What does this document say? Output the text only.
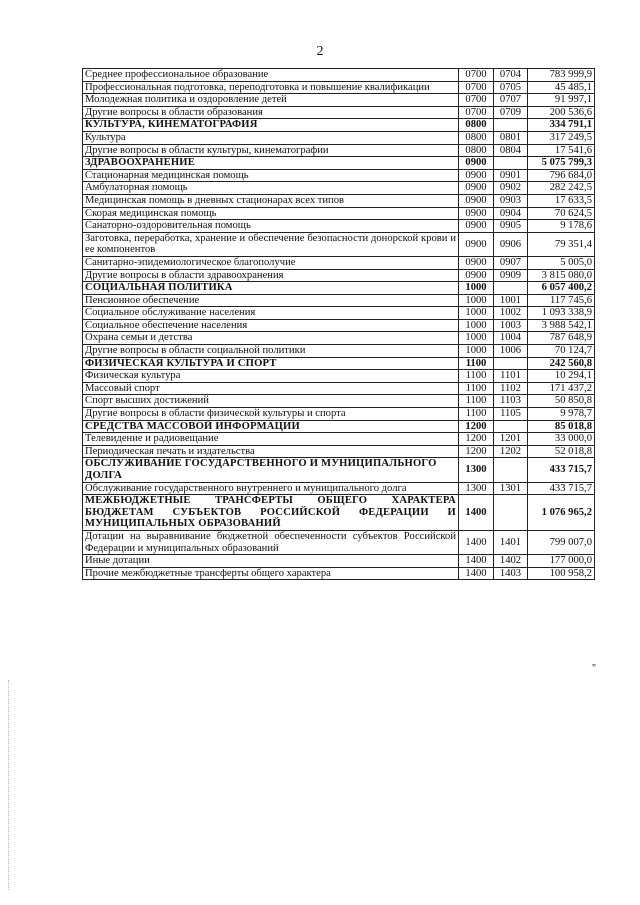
2
Среднее профессиональное образование	0700	0704	783 999,9
Профессиональная подготовка, переподготовка и повышение квалификации	0700	0705	45 485,1
Молодежная политика и оздоровление детей	0700	0707	91 997,1
Другие вопросы в области образования	0700	0709	200 536,6
КУЛЬТУРА, КИНЕМАТОГРАФИЯ	0800		334 791,1
Культура	0800	0801	317 249,5
Другие вопросы в области культуры, кинематографии	0800	0804	17 541,6
ЗДРАВООХРАНЕНИЕ	0900		5 075 799,3
Стационарная медицинская помощь	0900	0901	796 684,0
Амбулаторная помощь	0900	0902	282 242,5
Медицинская помощь в дневных стационарах всех типов	0900	0903	17 633,5
Скорая медицинская помощь	0900	0904	70 624,5
Санаторно-оздоровительная помощь	0900	0905	9 178,6
Заготовка, переработка, хранение и обеспечение безопасности донорской крови и ее компонентов	0900	0906	79 351,4
Санитарно-эпидемиологическое благополучие	0900	0907	5 005,0
Другие вопросы в области здравоохранения	0900	0909	3 815 080,0
СОЦИАЛЬНАЯ ПОЛИТИКА	1000		6 057 400,2
Пенсионное обеспечение	1000	1001	117 745,6
Социальное обслуживание населения	1000	1002	1 093 338,9
Социальное обеспечение населения	1000	1003	3 988 542,1
Охрана семьи и детства	1000	1004	787 648,9
Другие вопросы в области социальной политики	1000	1006	70 124,7
ФИЗИЧЕСКАЯ КУЛЬТУРА И СПОРТ	1100		242 560,8
Физическая культура	1100	1101	10 294,1
Массовый спорт	1100	1102	171 437,2
Спорт высших достижений	1100	1103	50 850,8
Другие вопросы в области физической культуры и спорта	1100	1105	9 978,7
СРЕДСТВА МАССОВОЙ ИНФОРМАЦИИ	1200		85 018,8
Телевидение и радиовещание	1200	1201	33 000,0
Периодическая печать и издательства	1200	1202	52 018,8
ОБСЛУЖИВАНИЕ ГОСУДАРСТВЕННОГО И МУНИЦИПАЛЬНОГО ДОЛГА	1300		433 715,7
Обслуживание государственного внутреннего и муниципального долга	1300	1301	433 715,7
МЕЖБЮДЖЕТНЫЕ ТРАНСФЕРТЫ ОБЩЕГО ХАРАКТЕРА БЮДЖЕТАМ СУБЪЕКТОВ РОССИЙСКОЙ ФЕДЕРАЦИИ И МУНИЦИПАЛЬНЫХ ОБРАЗОВАНИЙ	1400		1 076 965,2
Дотации на выравнивание бюджетной обеспеченности субъектов Российской Федерации и муниципальных образований	1400	1401	799 007,0
Иные дотации	1400	1402	177 000,0
Прочие межбюджетные трансферты общего характера	1400	1403	100 958,2
"
